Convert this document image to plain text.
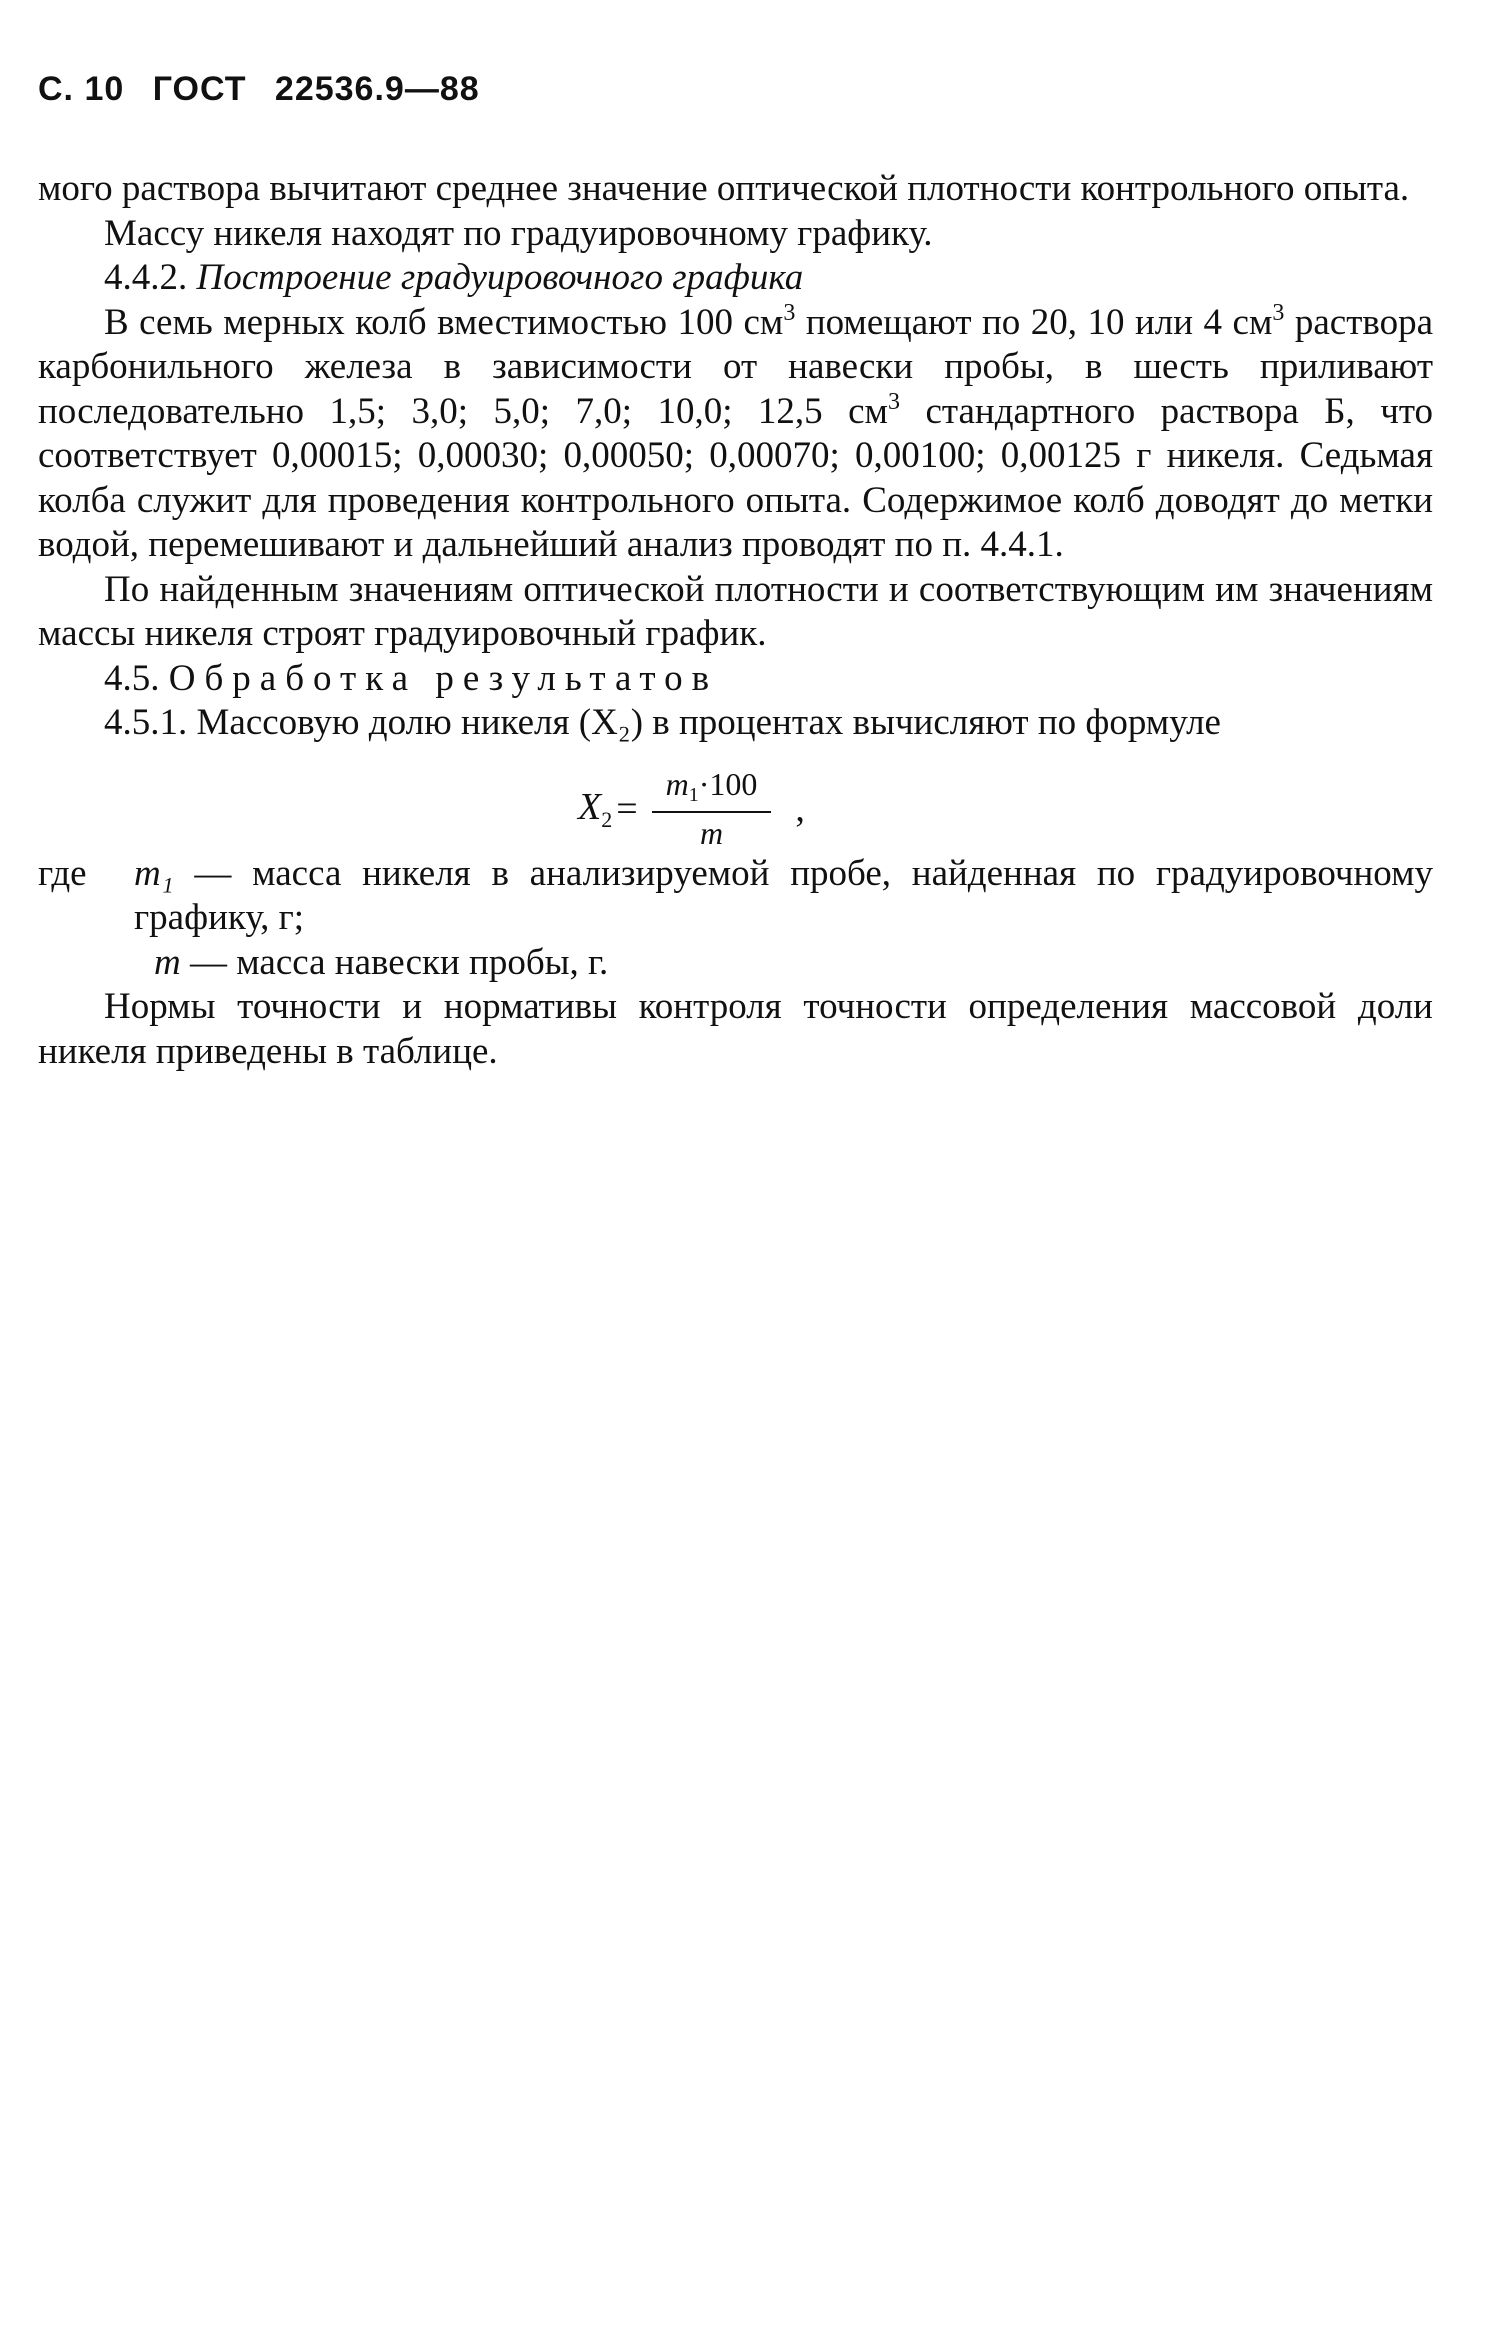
С. 10 ГОСТ 22536.9—88

мого раствора вычитают среднее значение оптической плотности контрольного опыта.

Массу никеля находят по градуировочному графику.

4.4.2. Построение градуировочного графика

В семь мерных колб вместимостью 100 $см^3$ помещают по 20, 10 или 4 $см^3$ раствора карбонильного железа в зависимости от навески пробы, в шесть приливают последовательно 1,5; 3,0; 5,0; 7,0; 10,0; 12,5 $см^3$ стандартного раствора Б, что соответствует 0,00015; 0,00030; 0,00050; 0,00070; 0,00100; 0,00125 г никеля. Седьмая колба служит для проведения контрольного опыта. Содержимое колб доводят до метки водой, перемешивают и дальнейший анализ проводят по п. 4.4.1.

По найденным значениям оптической плотности и соответствующим им значениям массы никеля строят градуировочный график.

4.5. Обработка результатов

4.5.1. Массовую долю никеля (X₂) в процентах вычисляют по формуле

$X_2 = \frac{m_1\cdot 100}{m}$ ,
где	m₁ — масса никеля в анализируемой пробе, найденная по градуировочному графику, г;
m — масса навески пробы, г.

Нормы точности и нормативы контроля точности определения массовой доли никеля приведены в таблице.
